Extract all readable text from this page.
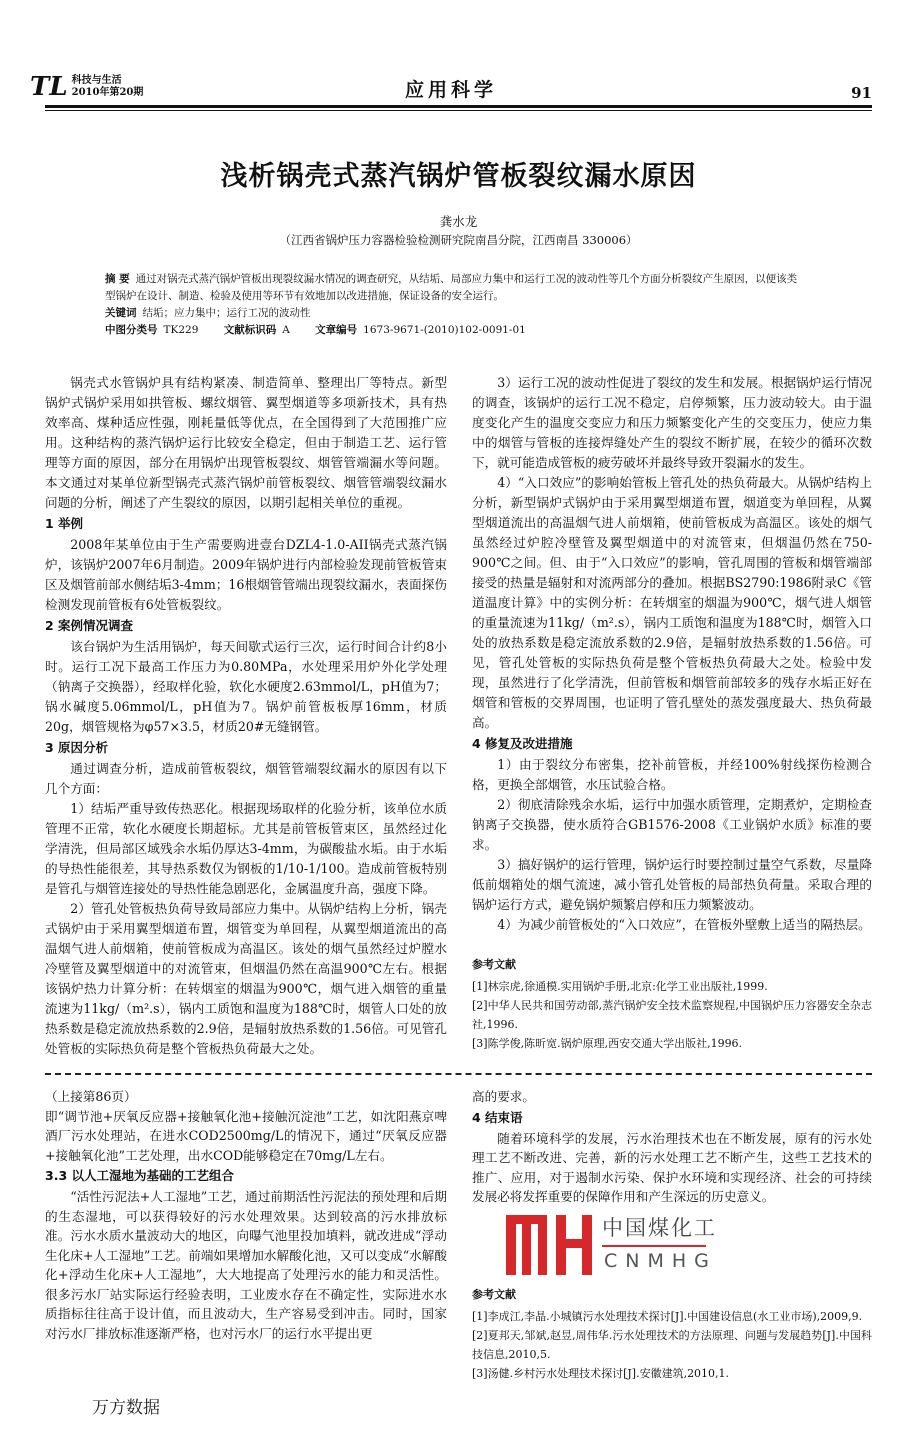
TL 科技与生活
2010年第20期	应用科学	91
浅析锅壳式蒸汽锅炉管板裂纹漏水原因
龚水龙
（江西省锅炉压力容器检验检测研究院南昌分院，江西南昌 330006）
摘 要 通过对锅壳式蒸汽锅炉管板出现裂纹漏水情况的调查研究，从结垢、局部应力集中和运行工况的波动性等几个方面分析裂纹产生原因，以便该类型锅炉在设计、制造、检验及使用等环节有效地加以改进措施，保证设备的安全运行。
关键词 结垢；应力集中；运行工况的波动性
中图分类号 TK229 文献标识码 A 文章编号 1673-9671-(2010)102-0091-01

锅壳式水管锅炉具有结构紧凑、制造简单、整理出厂等特点。新型锅炉式锅炉采用如拱管板、螺纹烟管、翼型烟道等多项新技术，具有热效率高、煤种适应性强，刚耗量低等优点，在全国得到了大范围推广应用。这种结构的蒸汽锅炉运行比较安全稳定，但由于制造工艺、运行管理等方面的原因，部分在用锅炉出现管板裂纹、烟管管端漏水等问题。本文通过对某单位新型锅壳式蒸汽锅炉前管板裂纹、烟管管端裂纹漏水问题的分析，阐述了产生裂纹的原因，以期引起相关单位的重视。

1 举例

2008年某单位由于生产需要购进壹台DZL4-1.0-AII锅壳式蒸汽锅炉，该锅炉2007年6月制造。2009年锅炉进行内部检验发现前管板管束区及烟管前部水侧结垢3-4mm；16根烟管管端出现裂纹漏水，表面探伤检测发现前管板有6处管板裂纹。

2 案例情况调查

该台锅炉为生活用锅炉，每天间歇式运行三次，运行时间合计约8小时。运行工况下最高工作压力为0.80MPa，水处理采用炉外化学处理（钠离子交换器），经取样化验，软化水硬度2.63mmol/L，pH值为7；锅水碱度5.06mmol/L，pH值为7。锅炉前管板板厚16mm，材质20g，烟管规格为φ57×3.5，材质20#无缝钢管。

3 原因分析

通过调查分析，造成前管板裂纹，烟管管端裂纹漏水的原因有以下几个方面：

1）结垢严重导致传热恶化。根据现场取样的化验分析，该单位水质管理不正常，软化水硬度长期超标。尤其是前管板管束区，虽然经过化学清洗，但局部区域残余水垢仍厚达3-4mm，为碳酸盐水垢。由于水垢的导热性能很差，其导热系数仅为钢板的1/10-1/100。造成前管板特别是管孔与烟管连接处的导热性能急剧恶化，金属温度升高，强度下降。

2）管孔处管板热负荷导致局部应力集中。从锅炉结构上分析，锅壳式锅炉由于采用翼型烟道布置，烟管变为单回程，从翼型烟道流出的高温烟气进人前烟箱，使前管板成为高温区。该处的烟气虽然经过炉膛水冷壁管及翼型烟道中的对流管束，但烟温仍然在高温900℃左右。根据该锅炉热力计算分析：在转烟室的烟温为900℃，烟气进入烟管的重量流速为11kg/（m².s），锅内工质饱和温度为188℃时，烟管人口处的放热系数是稳定流放热系数的2.9倍，是辐射放热系数的1.56倍。可见管孔处管板的实际热负荷是整个管板热负荷最大之处。

3）运行工况的波动性促进了裂纹的发生和发展。根据锅炉运行情况的调查，该锅炉的运行工况不稳定，启停频繁，压力波动较大。由于温度变化产生的温度交变应力和压力频繁变化产生的交变压力，使应力集中的烟管与管板的连接焊缝处产生的裂纹不断扩展，在较少的循环次数下，就可能造成管板的疲劳破坏并最终导致开裂漏水的发生。

4）“入口效应”的影响始管板上管孔处的热负荷最大。从锅炉结构上分析，新型锅炉式锅炉由于采用翼型烟道布置，烟道变为单回程，从翼型烟道流出的高温烟气进人前烟箱，使前管板成为高温区。该处的烟气虽然经过炉腔冷壁管及翼型烟道中的对流管束，但烟温仍然在750-900℃之间。但、由于“入口效应”的影响，管孔周围的管板和烟管端部接受的热量是辐射和对流两部分的叠加。根据BS2790:1986附录C《管道温度计算》中的实例分析：在转烟室的烟温为900℃，烟气进人烟管的重量流速为11kg/（m².s），锅内工质饱和温度为188℃时，烟管入口处的放热系数是稳定流放系数的2.9倍，是辐射放热系数的1.56倍。可见，管孔处管板的实际热负荷是整个管板热负荷最大之处。检验中发现，虽然进行了化学清洗，但前管板和烟管前部较多的残存水垢正好在烟管和管板的交界周围，也证明了管孔壁处的蒸发强度最大、热负荷最高。

4 修复及改进措施

1）由于裂纹分布密集，挖补前管板，并经100%射线探伤检测合格，更换全部烟管，水压试验合格。

2）彻底清除残余水垢，运行中加强水质管理，定期煮炉，定期检查钠离子交换器，使水质符合GB1576-2008《工业锅炉水质》标准的要求。

3）搞好锅炉的运行管理，锅炉运行时要控制过量空气系数，尽量降低前烟箱处的烟气流速，减小管孔处管板的局部热负荷量。采取合理的锅炉运行方式，避免锅炉频繁启停和压力频繁波动。

4）为减少前管板处的“入口效应”，在管板外壁敷上适当的隔热层。

参考文献
[1]林宗虎,徐通模.实用锅炉手册,北京:化学工业出版社,1999.
[2]中华人民共和国劳动部,蒸汽锅炉安全技术监察规程,中国锅炉压力容器安全杂志社,1996.
[3]陈学俊,陈昕宽.锅炉原理,西安交通大学出版社,1996.
（上接第86页）

即“调节池+厌氧反应器+接触氧化池+接触沉淀池”工艺，如沈阳燕京啤酒厂污水处理站，在进水COD2500mg/L的情况下，通过“厌氧反应器+接触氧化池”工艺处理，出水COD能够稳定在70mg/L左右。

3.3 以人工湿地为基础的工艺组合

“活性污泥法+人工湿地”工艺，通过前期活性污泥法的预处理和后期的生态湿地，可以获得较好的污水处理效果。达到较高的污水排放标准。污水水质水量波动大的地区，向曝气池里投加填料，就改进成“浮动生化床+人工湿地”工艺。前端如果增加水解酸化池，又可以变成“水解酸化+浮动生化床+人工湿地”，大大地提高了处理污水的能力和灵活性。很多污水厂站实际运行经验表明，工业废水存在不确定性，实际进水水质指标往往高于设计值，而且波动大，生产容易受到冲击。同时，国家对污水厂排放标准逐渐严格，也对污水厂的运行水平提出更

高的要求。

4 结束语

随着环境科学的发展，污水治理技术也在不断发展，原有的污水处理工艺不断改进、完善，新的污水处理工艺不断产生，这些工艺技术的推广、应用，对于遏制水污染、保护水环境和实现经济、社会的可持续发展必将发挥重要的保障作用和产生深远的历史意义。

中国煤化工
CNMHG
参考文献
[1]李成江,李晶.小城镇污水处理技术探讨[J].中国建设信息(水工业市场),2009,9.
[2]夏邦天,邹斌,赵昱,周伟华.污水处理技术的方法原理、问题与发展趋势[J].中国科技信息,2010,5.
[3]汤健.乡村污水处理技术探讨[J].安徽建筑,2010,1.
万方数据
